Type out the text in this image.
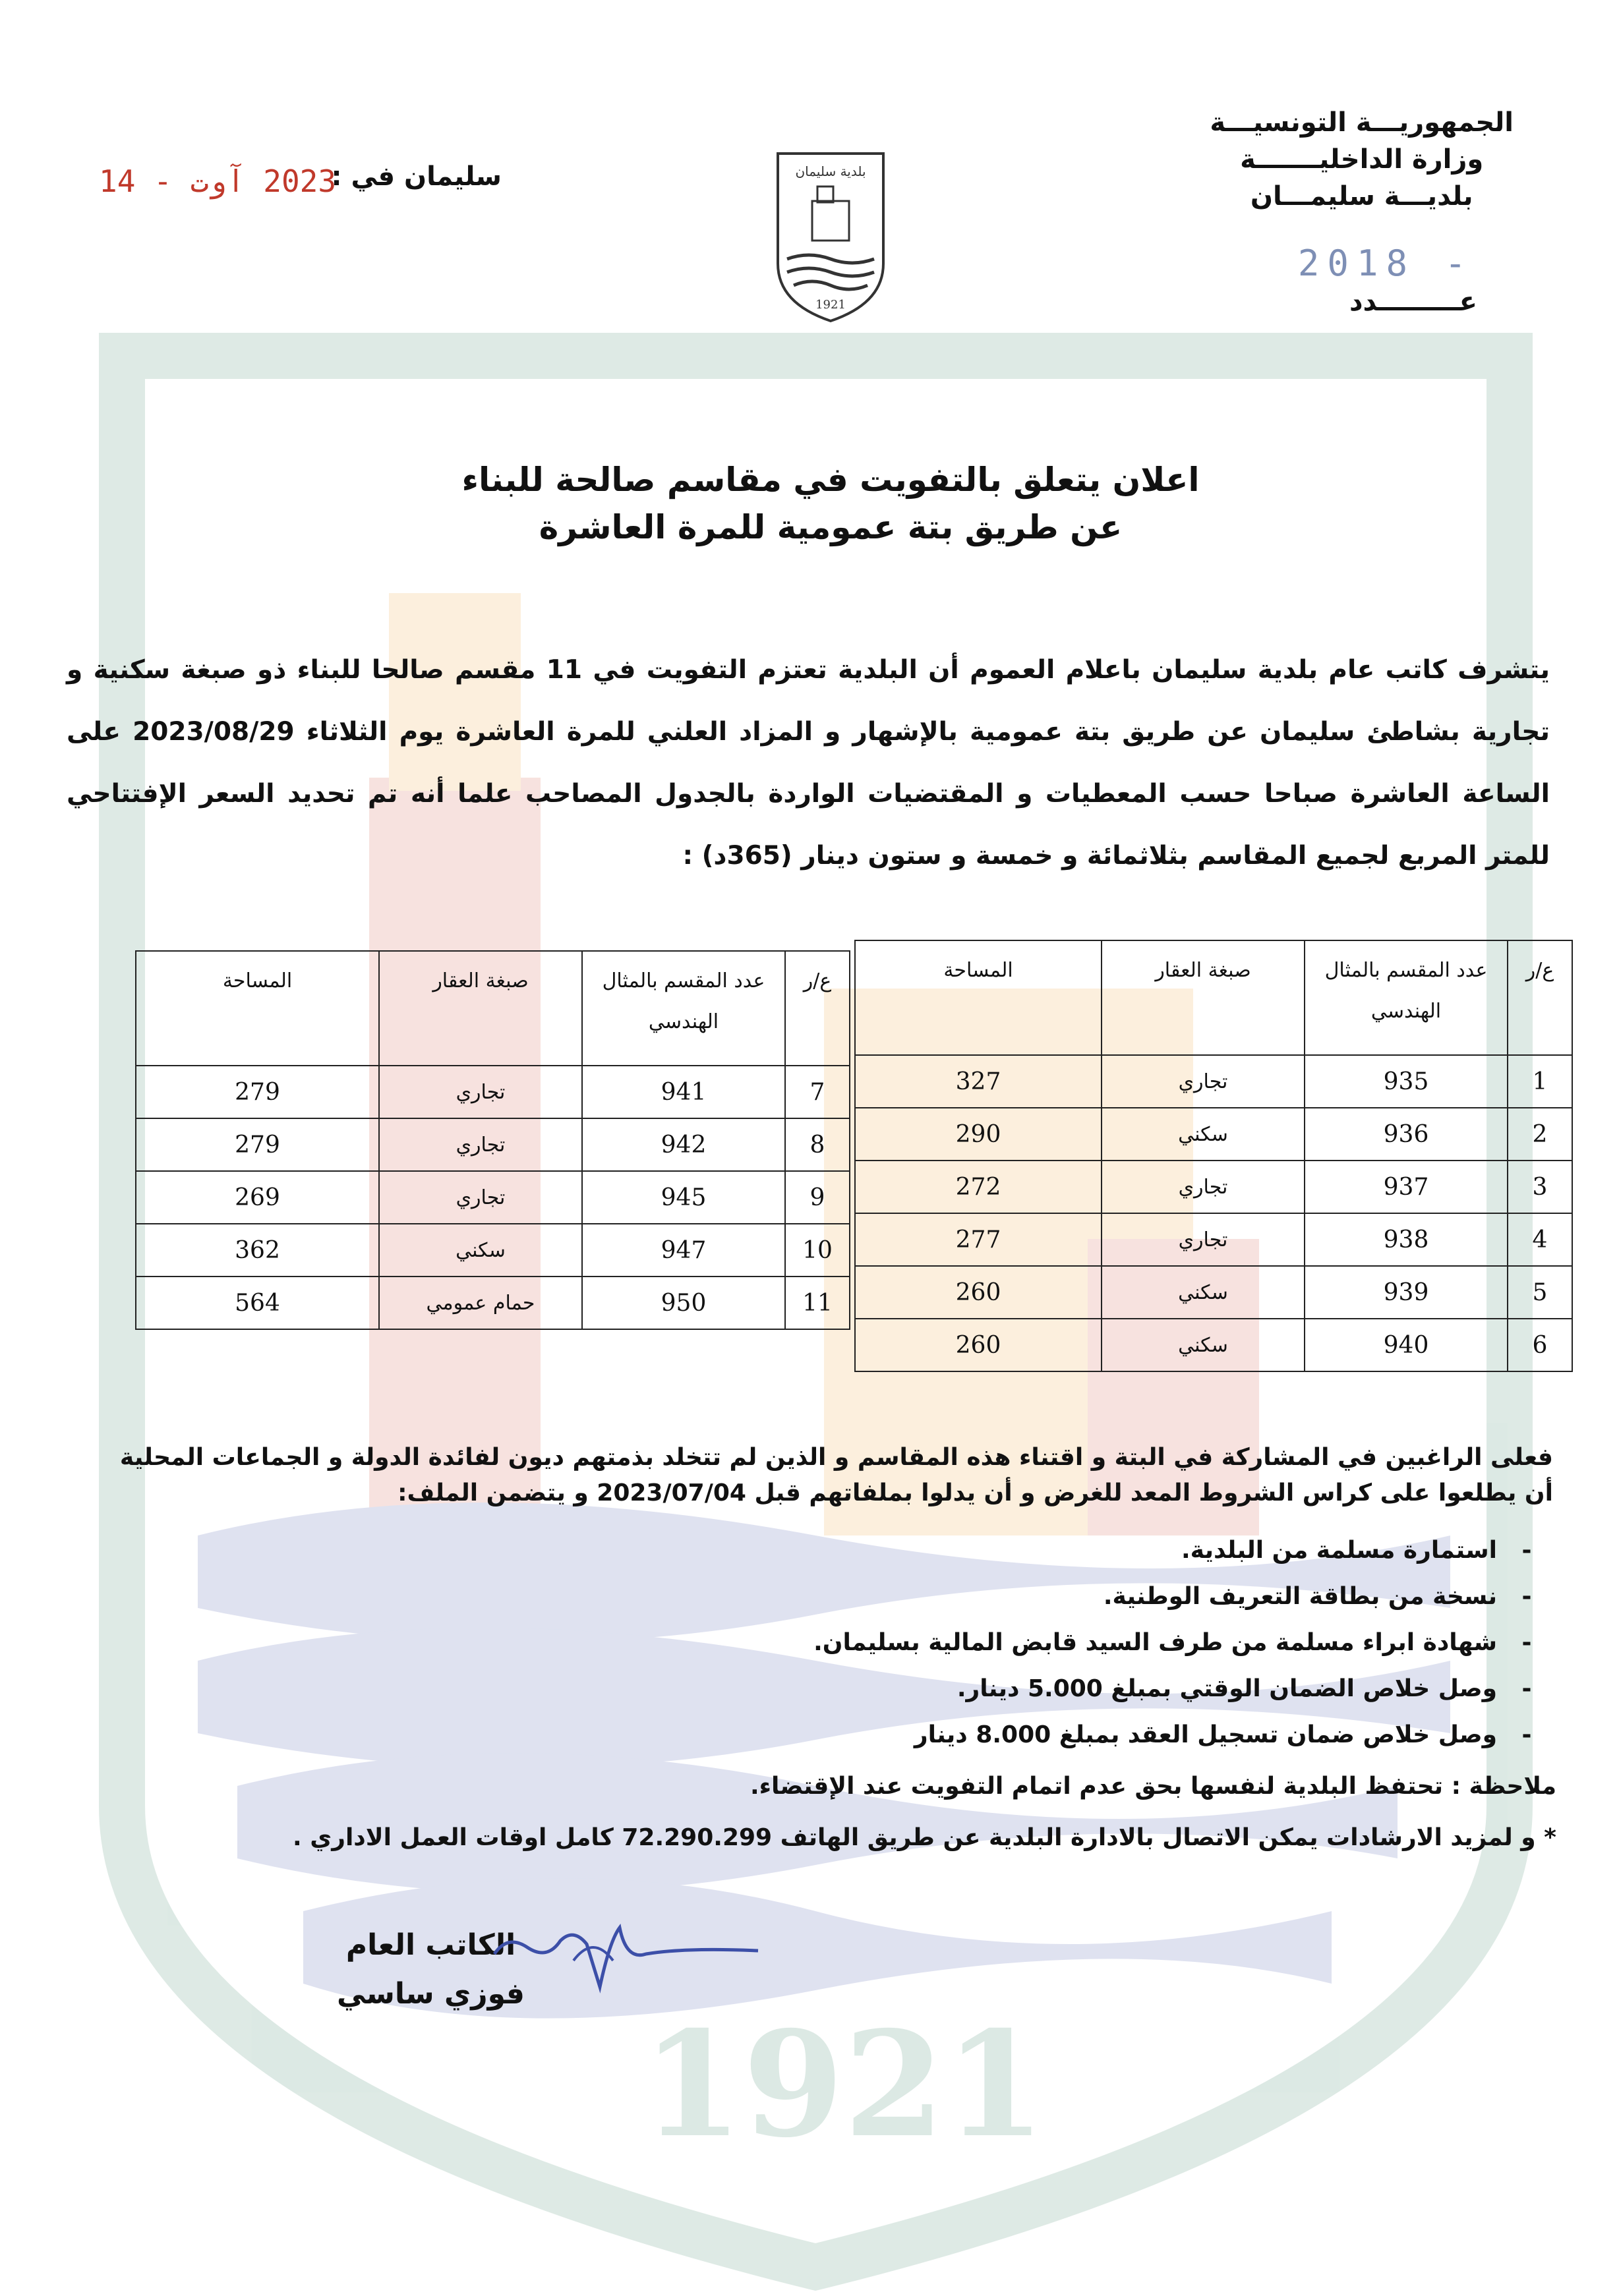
1921

الجمهوريـــة التونسيـــة

وزارة الداخليـــــــة

بلديـــة سليمـــان

- 2018
عـــــــــدد
بلدية سليمان
1921
سليمان في :
2023 آوت - 14
اعلان يتعلق بالتفويت في مقاسم صالحة للبناء
عن طريق بتة عمومية للمرة العاشرة
يتشرف كاتب عام بلدية سليمان باعلام العموم أن البلدية تعتزم التفويت في 11 مقسم صالحا للبناء ذو صبغة سكنية و تجارية بشاطئ سليمان عن طريق بتة عمومية بالإشهار و المزاد العلني للمرة العاشرة يوم الثلاثاء 2023/08/29 على الساعة العاشرة صباحا حسب المعطيات و المقتضيات الواردة بالجدول المصاحب علما أنه تم تحديد السعر الإفتتاحي للمتر المربع لجميع المقاسم بثلاثمائة و خمسة و ستون دينار (365د) :
ع/ر	عدد المقسم بالمثال الهندسي	صبغة العقار	المساحة
1	935	تجاري	327
2	936	سكني	290
3	937	تجاري	272
4	938	تجاري	277
5	939	سكني	260
6	940	سكني	260
ع/ر	عدد المقسم بالمثال الهندسي	صبغة العقار	المساحة
7	941	تجاري	279
8	942	تجاري	279
9	945	تجاري	269
10	947	سكني	362
11	950	حمام عمومي	564
فعلى الراغبين في المشاركة في البتة و اقتناء هذه المقاسم و الذين لم تتخلد بذمتهم ديون لفائدة الدولة و الجماعات المحلية
أن يطلعوا على كراس الشروط المعد للغرض و أن يدلوا بملفاتهم قبل 2023/07/04 و يتضمن الملف:
-استمارة مسلمة من البلدية.
-نسخة من بطاقة التعريف الوطنية.
-شهادة ابراء مسلمة من طرف السيد قابض المالية بسليمان.
-وصل خلاص الضمان الوقتي بمبلغ 5.000 دينار.
-وصل خلاص ضمان تسجيل العقد بمبلغ 8.000 دينار
ملاحظة : تحتفظ البلدية لنفسها بحق عدم اتمام التفويت عند الإقتضاء.
* و لمزيد الارشادات يمكن الاتصال بالادارة البلدية عن طريق الهاتف 72.290.299 كامل اوقات العمل الاداري .
الكاتب العام
فوزي ساسي
